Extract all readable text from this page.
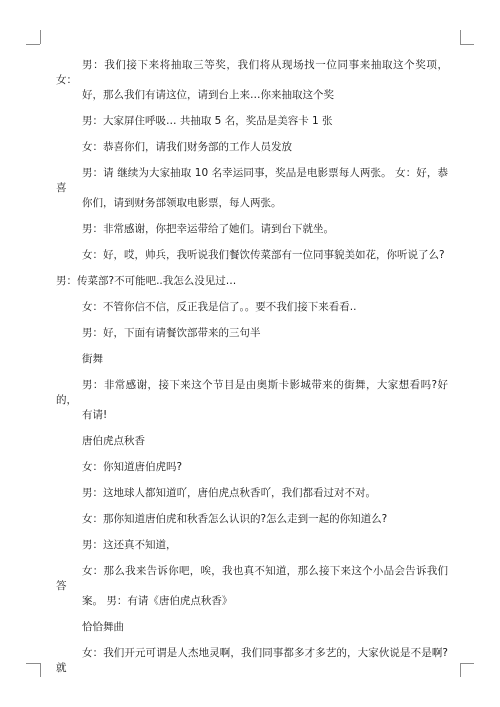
男：我们接下来将抽取三等奖，我们将从现场找一位同事来抽取这个奖项， 女：
好，那么我们有请这位，请到台上来…你来抽取这个奖
男：大家屏住呼吸… 共抽取 5 名，奖品是美容卡 1 张
女：恭喜你们，请我们财务部的工作人员发放
男：请 继续为大家抽取 10 名幸运同事，奖品是电影票每人两张。 女：好，恭喜
你们，请到财务部领取电影票，每人两张。
男：非常感谢，你把幸运带给了她们。请到台下就坐。
女：好，哎，帅兵，我听说我们餐饮传菜部有一位同事貌美如花，你听说了么?
男：传菜部?不可能吧..我怎么没见过…
女：不管你信不信，反正我是信了。。要不我们接下来看看..
男：好，下面有请餐饮部带来的三句半
街舞
男：非常感谢，接下来这个节目是由奥斯卡影城带来的街舞，大家想看吗?好的，
有请!
唐伯虎点秋香
女：你知道唐伯虎吗?
男：这地球人都知道吖，唐伯虎点秋香吖，我们都看过对不对。
女：那你知道唐伯虎和秋香怎么认识的?怎么走到一起的你知道么?
男：这还真不知道，
女：那么我来告诉你吧，唉，我也真不知道，那么接下来这个小品会告诉我们答
案。 男：有请《唐伯虎点秋香》
恰恰舞曲
女：我们开元可谓是人杰地灵啊，我们同事都多才多艺的，大家伙说是不是啊?就
